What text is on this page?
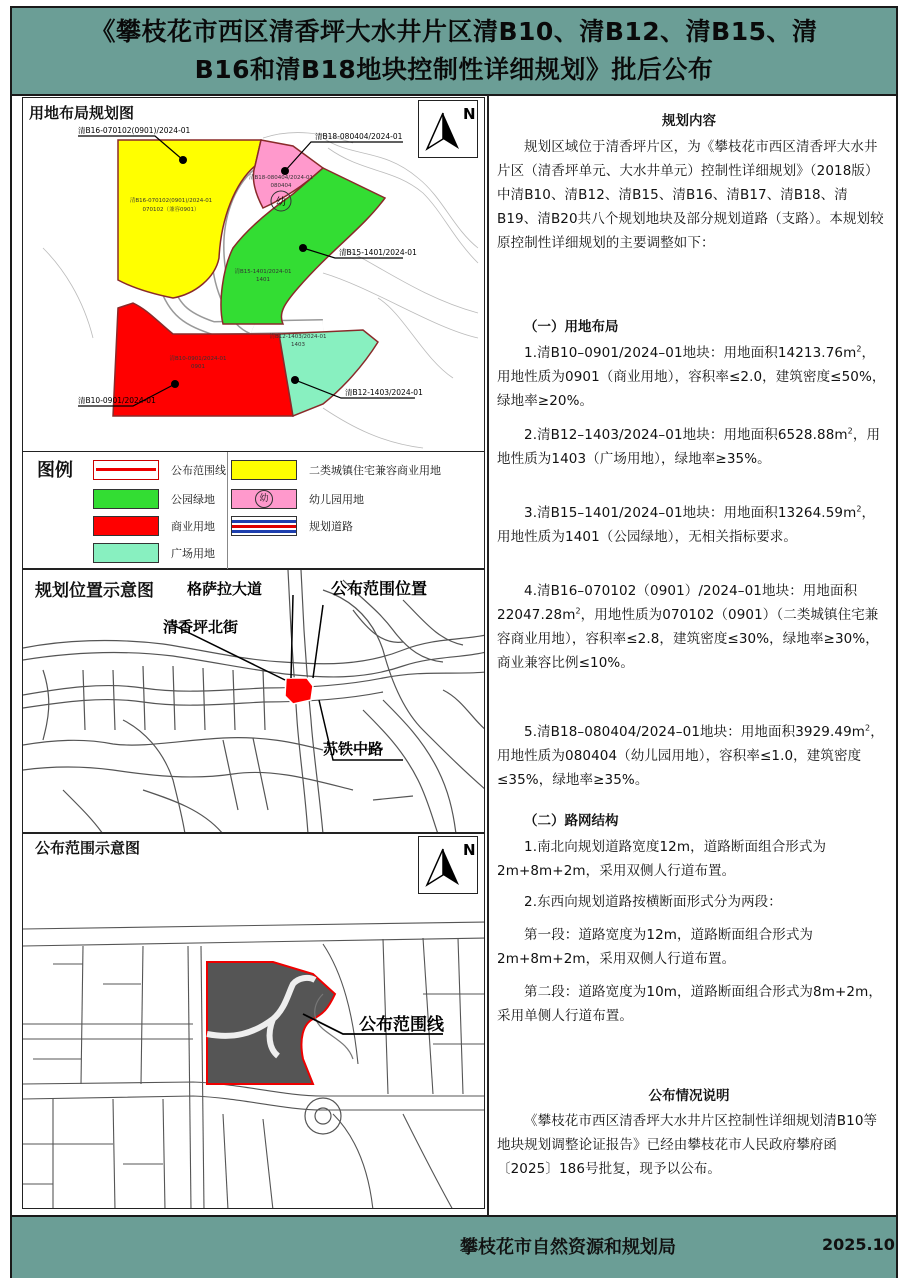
《攀枝花市西区清香坪大水井片区清B10、清B12、清B15、清
B16和清B18地块控制性详细规划》批后公布
用地布局规划图	N
幼
清B16-070102(0901)/2024-01
清B18-080404/2024-01
清B15-1401/2024-01
清B10-0901/2024-01
清B12-1403/2024-01
清B16-070102(0901)/2024-01
070102（兼容0901）
清B18-080404/2024-01
080404
清B15-1401/2024-01
1401
清B12-1403/2024-01
1403
清B10-0901/2024-01
0901
图例	公布范围线	二类城镇住宅兼容商业用地
公园绿地	幼	幼儿园用地
商业用地	规划道路
广场用地
规划位置示意图 格萨拉大道
清香坪北街
苏铁中路
公布范围位置
公布范围示意图	N
公布范围线
规划内容

规划区域位于清香坪片区，为《攀枝花市西区清香坪大水井片区（清香坪单元、大水井单元）控制性详细规划》（2018版）中清B10、清B12、清B15、清B16、清B17、清B18、清B19、清B20共八个规划地块及部分规划道路（支路）。本规划较原控制性详细规划的主要调整如下：

（一）用地布局

1.清B10–0901/2024–01地块：用地面积$14213.76m^2$，用地性质为0901（商业用地），容积率≤2.0，建筑密度≤50%，绿地率≥20%。

2.清B12–1403/2024–01地块：用地面积$6528.88m^2$，用地性质为1403（广场用地），绿地率≥35%。

3.清B15–1401/2024–01地块：用地面积$13264.59m^2$，用地性质为1401（公园绿地），无相关指标要求。

4.清B16–070102（0901）/2024–01地块：用地面积$22047.28m^2$，用地性质为070102（0901）（二类城镇住宅兼容商业用地），容积率≤2.8，建筑密度≤30%，绿地率≥30%，商业兼容比例≤10%。

5.清B18–080404/2024–01地块：用地面积$3929.49m^2$，用地性质为080404（幼儿园用地），容积率≤1.0，建筑密度≤35%，绿地率≥35%。

（二）路网结构

1.南北向规划道路宽度12m，道路断面组合形式为2m+8m+2m，采用双侧人行道布置。

2.东西向规划道路按横断面形式分为两段：

第一段：道路宽度为12m，道路断面组合形式为2m+8m+2m，采用双侧人行道布置。

第二段：道路宽度为10m，道路断面组合形式为8m+2m，采用单侧人行道布置。

公布情况说明

《攀枝花市西区清香坪大水井片区控制性详细规划清B10等地块规划调整论证报告》已经由攀枝花市人民政府攀府函〔2025〕186号批复，现予以公布。

攀枝花市自然资源和规划局	2025.10
